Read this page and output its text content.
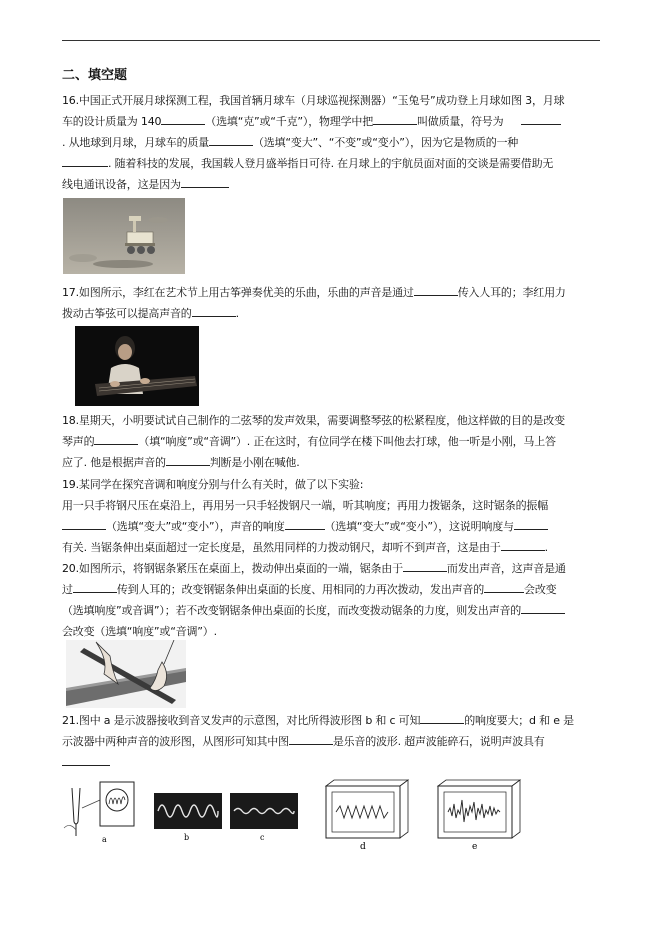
二、填空题
16.中国正式开展月球探测工程，我国首辆月球车（月球巡视探测器）“玉兔号”成功登上月球如图 3，月球
车的设计质量为 140	（选填“克”或“千克”），物理学中把	叫做质量，符号为
. 从地球到月球，月球车的质量	（选填“变大”、“不变”或“变小”），因为它是物质的一种
. 随着科技的发展，我国载人登月盛举指日可待. 在月球上的宇航员面对面的交谈是需要借助无
线电通讯设备，这是因为
17.如图所示，李红在艺术节上用古筝弹奏优美的乐曲，乐曲的声音是通过	传入人耳的；李红用力
拨动古筝弦可以提高声音的	.
18.星期天，小明要试试自己制作的二弦琴的发声效果，需要调整琴弦的松紧程度，他这样做的目的是改变
琴声的	（填“响度”或“音调”）. 正在这时，有位同学在楼下叫他去打球，他一听是小刚，马上答
应了. 他是根据声音的	判断是小刚在喊他.
19.某同学在探究音调和响度分别与什么有关时，做了以下实验:
用一只手将钢尺压在桌沿上，再用另一只手轻拨钢尺一端，听其响度；再用力拨锯条，这时锯条的振幅
（选填“变大”或“变小”），声音的响度	（选填“变大”或“变小”），这说明响度与
有关. 当锯条伸出桌面超过一定长度是，虽然用同样的力拨动钢尺，却听不到声音，这是由于	.
20.如图所示，将钢锯条紧压在桌面上，拨动伸出桌面的一端，锯条由于	而发出声音，这声音是通
过	传到人耳的；改变钢锯条伸出桌面的长度、用相同的力再次拨动，发出声音的	会改变
（选填响度”或音调”）；若不改变钢锯条伸出桌面的长度，而改变拨动锯条的力度，则发出声音的
会改变（选填“响度”或“音调”）.
21.图中 a 是示波器接收到音叉发声的示意图，对比所得波形图 b 和 c 可知	的响度要大；d 和 e 是
示波器中两种声音的波形图，从图形可知其中图	是乐音的波形. 超声波能碎石，说明声波具有
a	b	c
d	e
